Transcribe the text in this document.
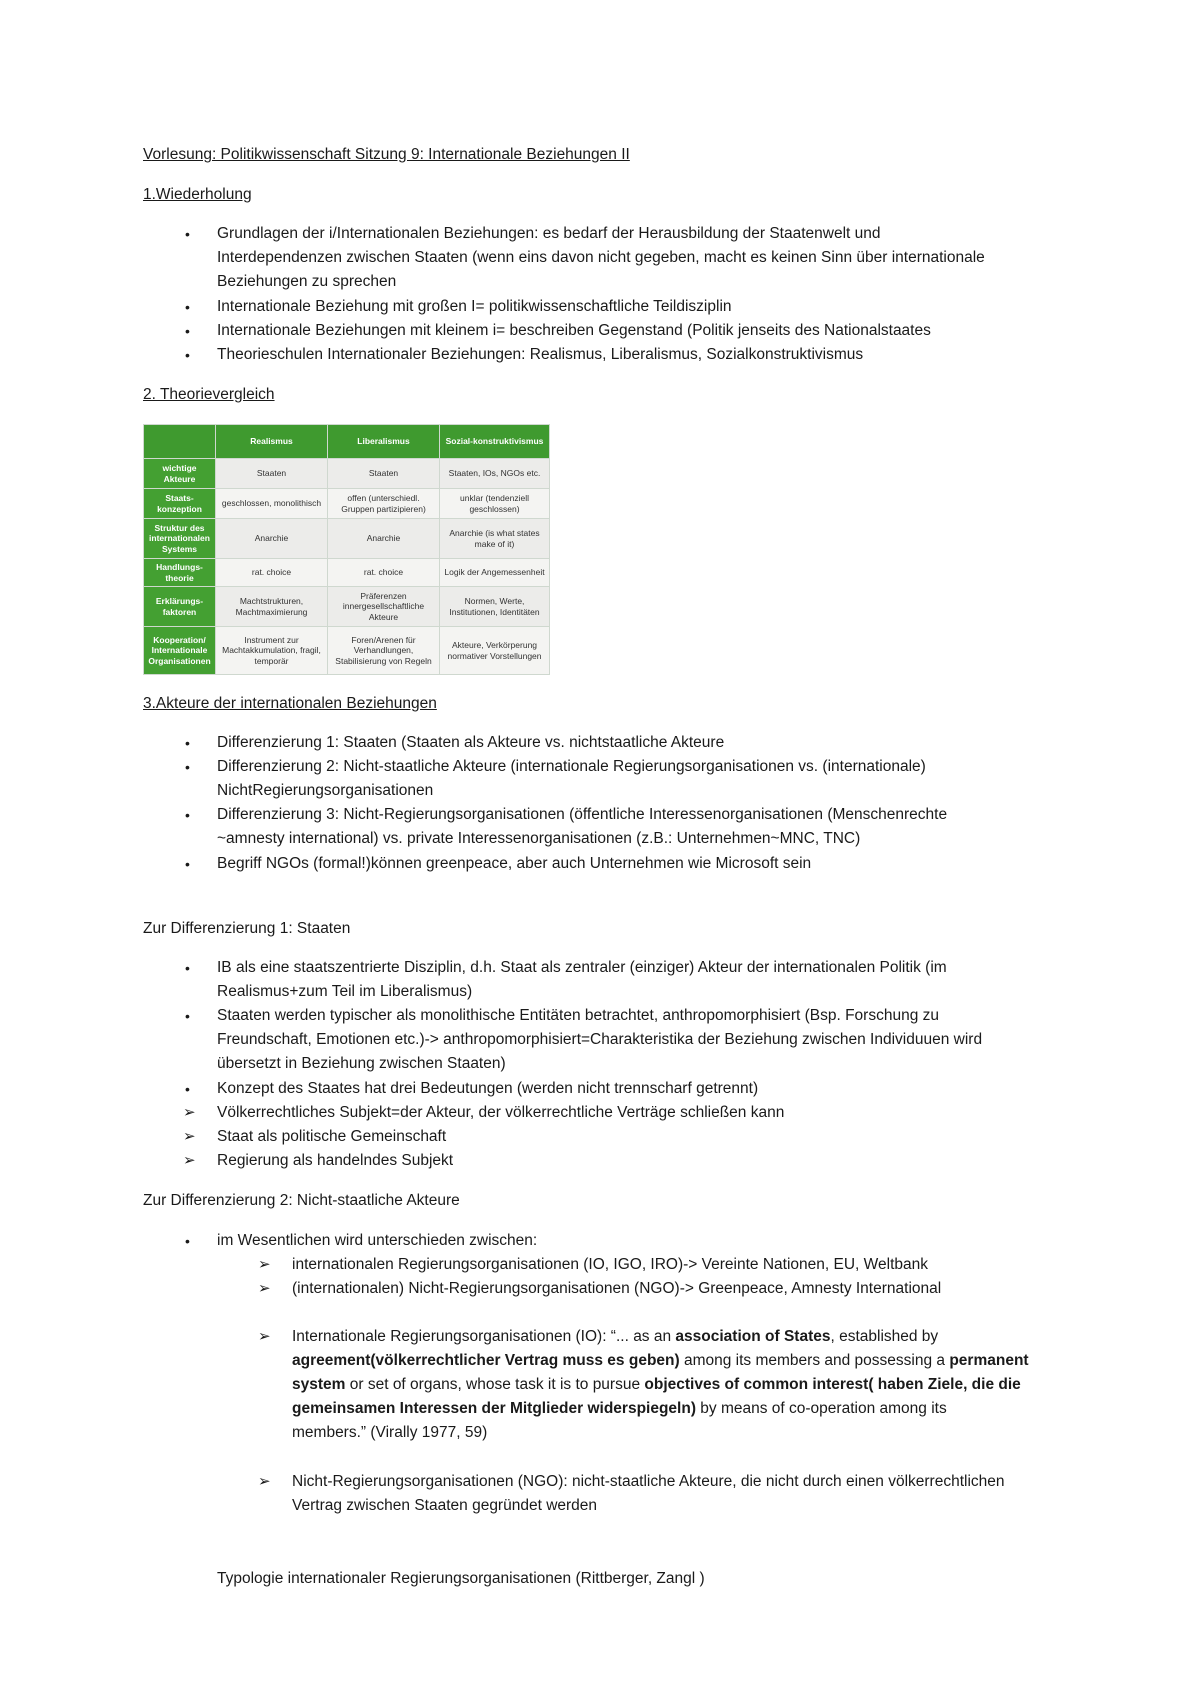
Vorlesung: Politikwissenschaft Sitzung 9: Internationale Beziehungen II
1.Wiederholung
• Grundlagen der i/Internationalen Beziehungen: es bedarf der Herausbildung der Staatenwelt und
Interdependenzen zwischen Staaten (wenn eins davon nicht gegeben, macht es keinen Sinn über internationale
Beziehungen zu sprechen
• Internationale Beziehung mit großen I= politikwissenschaftliche Teildisziplin
• Internationale Beziehungen mit kleinem i= beschreiben Gegenstand (Politik jenseits des Nationalstaates
• Theorieschulen Internationaler Beziehungen: Realismus, Liberalismus, Sozialkonstruktivismus
2. Theorievergleich
	Realismus	Liberalismus	Sozial-konstruktivismus
wichtige Akteure	Staaten	Staaten	Staaten, IOs, NGOs etc.
Staats-konzeption	geschlossen, monolithisch	offen (unterschiedl. Gruppen partizipieren)	unklar (tendenziell geschlossen)
Struktur des internationalen Systems	Anarchie	Anarchie	Anarchie (is what states make of it)
Handlungs-theorie	rat. choice	rat. choice	Logik der Angemessenheit
Erklärungs-faktoren	Machtstrukturen, Machtmaximierung	Präferenzen innergesellschaftliche Akteure	Normen, Werte, Institutionen, Identitäten
Kooperation/ Internationale Organisationen	Instrument zur Machtakkumulation, fragil, temporär	Foren/Arenen für Verhandlungen, Stabilisierung von Regeln	Akteure, Verkörperung normativer Vorstellungen
3.Akteure der internationalen Beziehungen
• Differenzierung 1: Staaten (Staaten als Akteure vs. nichtstaatliche Akteure
• Differenzierung 2: Nicht-staatliche Akteure (internationale Regierungsorganisationen vs. (internationale)
NichtRegierungsorganisationen
• Differenzierung 3: Nicht-Regierungsorganisationen (öffentliche Interessenorganisationen (Menschenrechte
~amnesty international) vs. private Interessenorganisationen (z.B.: Unternehmen~MNC, TNC)
• Begriff NGOs (formal!)können greenpeace, aber auch Unternehmen wie Microsoft sein
Zur Differenzierung 1: Staaten
• IB als eine staatszentrierte Disziplin, d.h. Staat als zentraler (einziger) Akteur der internationalen Politik (im
Realismus+zum Teil im Liberalismus)
• Staaten werden typischer als monolithische Entitäten betrachtet, anthropomorphisiert (Bsp. Forschung zu
Freundschaft, Emotionen etc.)-> anthropomorphisiert=Charakteristika der Beziehung zwischen Individuuen wird
übersetzt in Beziehung zwischen Staaten)
• Konzept des Staates hat drei Bedeutungen (werden nicht trennscharf getrennt)
➢ Völkerrechtliches Subjekt=der Akteur, der völkerrechtliche Verträge schließen kann
➢ Staat als politische Gemeinschaft
➢ Regierung als handelndes Subjekt
Zur Differenzierung 2: Nicht-staatliche Akteure
• im Wesentlichen wird unterschieden zwischen:
➢ internationalen Regierungsorganisationen (IO, IGO, IRO)-> Vereinte Nationen, EU, Weltbank
➢ (internationalen) Nicht-Regierungsorganisationen (NGO)-> Greenpeace, Amnesty International
➢ Internationale Regierungsorganisationen (IO): “... as an association of States, established by
agreement(völkerrechtlicher Vertrag muss es geben) among its members and possessing a permanent
system or set of organs, whose task it is to pursue objectives of common interest( haben Ziele, die die
gemeinsamen Interessen der Mitglieder widerspiegeln) by means of co-operation among its
members.” (Virally 1977, 59)
➢ Nicht-Regierungsorganisationen (NGO): nicht-staatliche Akteure, die nicht durch einen völkerrechtlichen
Vertrag zwischen Staaten gegründet werden
Typologie internationaler Regierungsorganisationen (Rittberger, Zangl )
